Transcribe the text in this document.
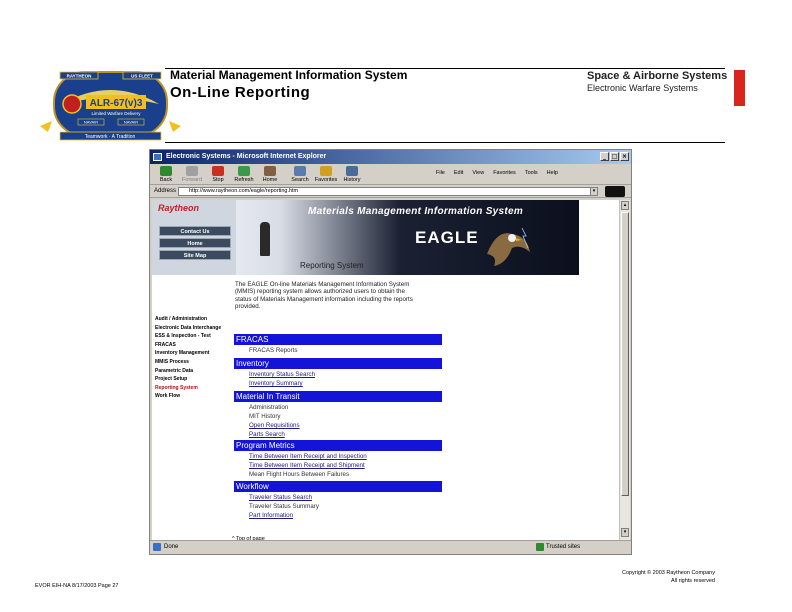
ALR-67(v)3
Limited Warfare Delivery
RAYTHEON	US FLEET
NAVAIR	NAVAIR
Teamwork · A Tradition
Material Management Information System
On-Line Reporting
Space & Airborne Systems
Electronic Warfare Systems
Electronic Systems - Microsoft Internet Explorer	_ □ ×
Back	Forward	Stop	Refresh	Home	Search	Favorites	History
File Edit View Favorites Tools Help
Address	http://www.raytheon.com/eagle/reporting.htm	▾
Raytheon
Contact Us
Home
Site Map
Materials Management Information System
EAGLE
Reporting System
Audit / Administration
Electronic Data Interchange
ESS & Inspection - Test
FRACAS
Inventory Management
MMIS Process
Parametric Data
Project Setup
Reporting System
Work Flow
The EAGLE On-line Materials Management Information System (MMIS) reporting system allows authorized users to obtain the status of Materials Management information including the reports provided.
FRACAS
FRACAS Reports
Inventory
Inventory Status Search
Inventory Summary
Material In Transit
Administration
MIT History
Open Requisitions
Parts Search
Program Metrics
Time Between Item Receipt and Inspection
Time Between Item Receipt and Shipment
Mean Flight Hours Between Failures
Workflow
Traveler Status Search
Traveler Status Summary
Part Information
^ Top of page
▴
▾
Done	Trusted sites
EVOR EIH-NA 8/17/2003 Page 27
Copyright © 2003 Raytheon Company
All rights reserved
